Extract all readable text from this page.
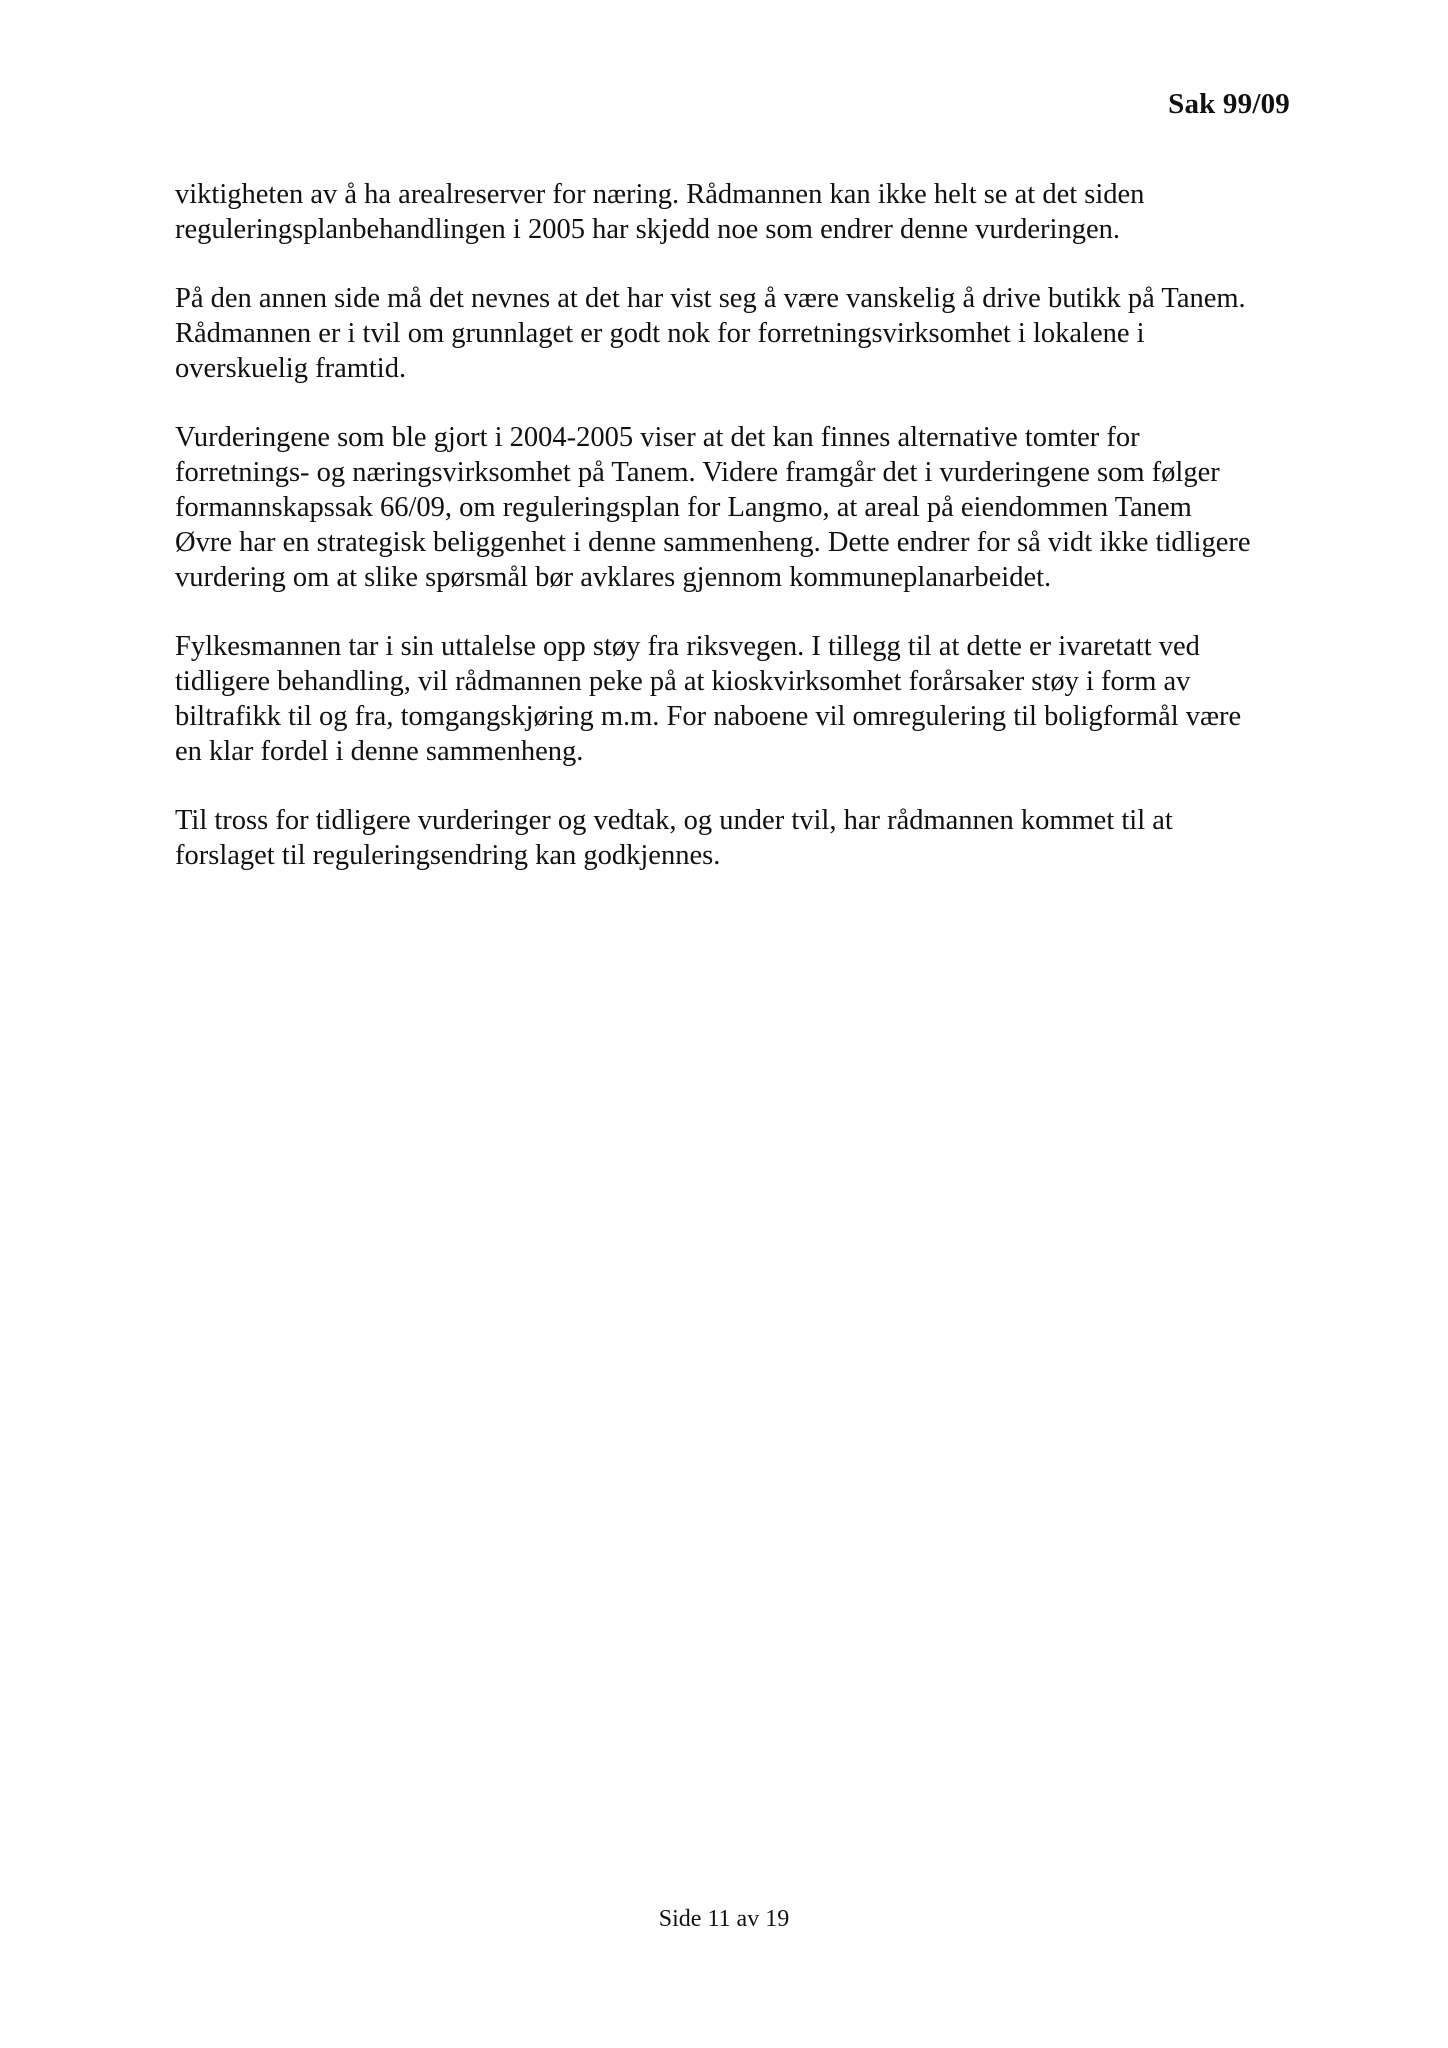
Sak 99/09

viktigheten av å ha arealreserver for næring. Rådmannen kan ikke helt se at det siden
reguleringsplanbehandlingen i 2005 har skjedd noe som endrer denne vurderingen.

På den annen side må det nevnes at det har vist seg å være vanskelig å drive butikk på Tanem.
Rådmannen er i tvil om grunnlaget er godt nok for forretningsvirksomhet i lokalene i
overskuelig framtid.

Vurderingene som ble gjort i 2004-2005 viser at det kan finnes alternative tomter for
forretnings- og næringsvirksomhet på Tanem. Videre framgår det i vurderingene som følger
formannskapssak 66/09, om reguleringsplan for Langmo, at areal på eiendommen Tanem
Øvre har en strategisk beliggenhet i denne sammenheng. Dette endrer for så vidt ikke tidligere
vurdering om at slike spørsmål bør avklares gjennom kommuneplanarbeidet.

Fylkesmannen tar i sin uttalelse opp støy fra riksvegen. I tillegg til at dette er ivaretatt ved
tidligere behandling, vil rådmannen peke på at kioskvirksomhet forårsaker støy i form av
biltrafikk til og fra, tomgangskjøring m.m. For naboene vil omregulering til boligformål være
en klar fordel i denne sammenheng.

Til tross for tidligere vurderinger og vedtak, og under tvil, har rådmannen kommet til at
forslaget til reguleringsendring kan godkjennes.

Side 11 av 19
